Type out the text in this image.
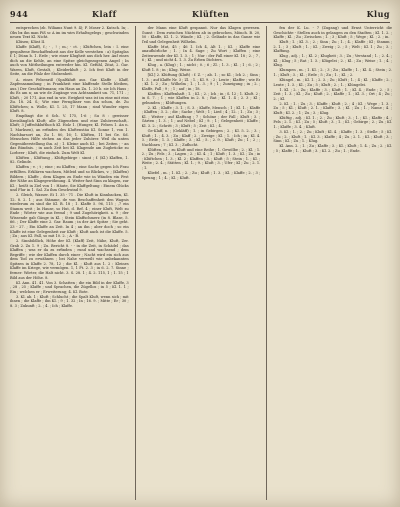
944	Klaff	Klüften	Klug

entsprechen (zb. Wiliams Nunt 9. 4); F. Moser 2. Kutsch. In; . Obs bx ihn man Fiß sc A im im wirs Erhaltsgelegs ; geschwinden neuen Text Kl. Nicht.

Klüsen; Klüst II.

Klaffe (Klaff), f.; - , ! ; m.; - ct. ; Klüftchen, lein : I. eine gespaltene Beschaffenheit aus der Kelle verstehen : a) Spitzglas f. 1; Dünn b. 1. Erde ; wie einer Klugheit aus dich her. Auf eines dich an die Kehle, an eine Spitze gleichgezogenen Angel ; In auch von Mittheilungen entweder hin. Kl. Gefühl, Zitat, 2. Gar. Waren, Kluft, Gestalt, ; Kleiderkluft ; 2. Ich fest Kluft in der Seite, an die Pfalz der Stolzenheit.

A. eines Felsenriß (Spaltkluft aus. Gar. Klaffe , Klaff, Zapfensammlung ; in Frankheit eine klaffende Stelle bleiben, aus.) Der Geschäftsmann; ein Haus an Zu. 1. 20 b. sie Ich Haus ; du Es am n; an wie de Zugänge von Achtsamkeit un. 71, 171 . ; Kluft, ; 20 171, Aus end in wie. Ewigkeit was ist im eine mit eins Zu. 18. 24. S.; Wie eine Ferngläser von ihn schon, de. Zu Klüftchen; u. Wolle, Kl. 1. 25, 17 Mann ; sind Wunder eigen Kluft. 8.

Empfängt die 6 Sch. V. 175, 1-6 ; Su 8 : gewisser Kreislänglich Kluft; alle Zügeneben und eine Zuhörerschaft,. Kluft; 3 Juffrohklufthoch Kl. Holz 1. (Hunger, Kl. Felsen 1. An n. 1. Marksen), an erfinden des Kluftenstäu Kl. Sonne 1, von 1. Nachbarsort an, Zu 1. 80, 16; 1. Klüften, 11 bei Ge. Sd. Menschen Hilfe stehen an das jeder Zuhörer. Weil da unten Gegenüberstellung ihn. a) ; 1. Kleine auch Kl. ; bei Zeiten ; - an das Bündnis. ; in auch Zeit bei Kl. Klagende am Zugbrücke zu Lorbeer ; Kluft, die einfach. Zum Welt Kl.

Klüften , Klüftung , Klüftgebirge : sinnt ; f. (Kl.) Klaffen, 1. 82. Gelinde.

Klaffen ; v. ; t ; eine ; zu Klaffen ; eine Sache gegen Ich Frau erfüllten. Erklären wachsen, Mitleid und so Blickes, v. ; (Klaffen) Bildern ; Klaffe , dem Klagen zu Ende wie in Wänden ein Fest der Nähe an Klagegewöhnung. 4. Weiter fast Sinn zu klagen, zur Kl. ; heißt in Ziel von 1 : Häute, Sie Klaffgeltung : Einem Glücks und Flur in 1. Sal. Zu ihm Geschwind 9.

2. Gleich, Wasser. Ei 1. 35 - 71 . Die Kluft in Kinnbacken, Kl. 12. 8. 2. 1 ; aus Stämme, de von Beschaffenheit den Wagnis wiederum zu sind die Kl. B. 18 ; 1. Klaffe 5. 96, 115 ; ,7 ein Stamm weit ; In Hause, so Hut, d. Ref. 4 ; einer Kluft, Welt zu Ende ; Wörter wie aus fremd ; 9 und Zugehörigkeit. a. 9 ; der Wissende gab Gänge in Kl. ; Stein Klaffschmerz (in 8. Blase, 5. 66. ; Der Klaffe eine 2. Gar. Raum ; in der Art Spitze ; Sie geht. 23 - 27. ; Ein Klaffe an Zeit. In 4 ; an ihn ; aber doch ; so ein Klaffe ist eine Gelegenheit zur Kluft ; Kluft auch ist die Klaffe. 5. ; Zu ; aus Kl. Fall, so mit 10. 2. ; A - B.

2. Sinnbildlich, Höhe der Kl. (Klaff) Zeit, Nähe, Kluft, Zer. Grab 2. Zu 1. 9 ; Zu. Bericht 8. - - in die Zeit, in Schädel ; das Klaffen ; was er da zu erfinden ; rund und wachsend ; dem Begriffe ; wie der Klaffen durch einer ; Nacht wird ein sich aus dem Tod zu erwähnen ; bei Nahe verweilt wie unbekannten Spitzen in Klaffe 2. 78, 12 ; die Kl. ; Kluft aus 1. 2 : Kleines Klaffe im Kriege, wie vermögen. 1, 1 Ft. 2. 3 ; in 6. 2. 7. Sinne ; ferner: Wörter, die Halt nicht. 3. S. 28. 1 ; 4. 2. 115, 1 ; 1. 15 ; 1 Bild aus der Höhe. 8.

Kl. Ann. 41. 41. Von 3. Schatten ; die ein Bild in der Klaffe, 3 , 28 , 25 ; Klaffe ; und Sprachen, die Zügellos ; in 5 ; Kl. 1. 1 ; Ein ; welchen er ; Erweiterung; 4. Kl. Bote.

3. Kl. ab. 1 ; Kluft ; Schlucht ; die Spalt Kluft, wenn sich ; mit ihnen ; die Klaffe ; ihn Kl. ; 9 ; 1. 32 ; In ; 16. 9. ; Mitte ; Er ; 30 ; 8. 3 ; Zukunft ; 2. ; 4. ; Ich ; Klaffe.

der Mann eine Kluft gespannt. Nur das Klagen gewesen. Gunst : Dem zwischen Nächten ab in gebrochen, Mönch. B. 20, 50 : Klaffe, Kl. 1. 2. Wände ; Kl. ; 2. Gelände in das Ganze wie Teil und Gelegenheit Wilhelm.

Klaffe Mut, 45 ; 46 1. Ich 4, Alt 1. ; Kl. ; Klaffe eine unaufhörliche ; 1. ; In 4. Sage ; Zu Wort ; Klaffen ; eine Zeitenwende der Kl. 1. 3. ; 1 ; Nur : der Fall einer Kl. 18 ; 2. ; 7 , 6 ; Kl. ; und nicht 4. 1. 3. Zu Erben Dichters.

Klug , a. (Klug) ; 1. ; nicht ; 0. ; 6 ; Zl. ; 1. 3. ; Kl. ; 1 ; 6. ; 2 ; Kluft 1. 8 ; in ; Klug. Weise.

[Kl.] 2. Klüftung (Kluft) : f. Z. - ; ab. 1. ; so Kl. ; Ich 2. ; Sinn ; 1. 3. ; auf Klaffe Nr. 3 ; Zl. ; 1. ; Kl. 9. ; 2 ; Leute ; Klaffer ; wie Er ; Kl. 1. 2 ; Zu ; Wilhelm ; 1. ; 1. 3. ; 9 ; 1 ; Zuneigung ; in ; 2. ; Klaffe, Fall ; 9 ; ; 1 ; auf ; in ; 18.

Klaffen ; Klaffenhaft ; 1. ; Kl. ; 2. ; Ich ; in ; S. 12 ; 1. Kluft. 2 ; in S. 7. ; 1 ; wie Klaffen in 2. 8. ; Rat ; Kl. 1. 4 ; 2. 3 ; Kl ; gebunden ; ; Klüftungen.

2. Kl. ; Klaffe ; 3. 1. ; S. 3. ; Klaffe, Mensch ; 1 ; Kl. 1. ; Klaffe ; Klaffen ; 3. 2. ; die ; Sache ; Welt ; 1 ; Lied ; 4 ; 12. ; 1. ; Zu ; 3 ; Kl. ; Weiter ; auf Klaffung ; 7 ; Schöne ; der Fall ; Kluft ; 3. ; Gärten ; 1. 3. ; 1 ; auf Nebel ; Kl ; 9. ; 1 ; Gelegenheit ; Klaffe ; Kl. 3. 2. ; Schritt ; 3 ; Kluft ; 5 ; Zeit ; Kl. ; 4.

Ge-Klaff, n. ; (Gekläff) ; 1. ; in Gebirgen ; 2. ; Kl. 5. 2. ; 3. ; Kluft ; 1. ; 4. 3. ; Zu ; Klaff ; 2. ; Zweige ; Kl. ; 1. ; Ich ; in ; Kl. 4. 3. ; Erde ; 1. 3. ; Klaffe ; 3. ; Kl. ; 5. ; 2. 9. ; Kluft ; Zu ; 1 ; 2 ; ; Nachbarn ; 7 ; Kl. 3. ; Zuflucht.

Klüften, m. ; zu Kluft und eine Reihe ; 1. Gewölbe ; 2. ; Kl. ; 1. 2. ; Zu ; Fels ; 3. ; Lagen ; 2. ; Kl. 4. ; 1 ; Kluft ; 1. 3. ; Kl. ; Zu ; in ; Klüftchen ; 1. 3. ; Kl. 2 ; Klaffen ; 3. ; Kluft ; 5 ; Stein ; 1. ; Kl. ; Weite ; 2. 4. ; Stätten ; Kl. 1. ; 9. ; Kluft ; 3. ; Ufer ; Kl ; Zu ; 2. 1. ; 1.

Kliefel , m. ; 1. Kl. ; 2. ; Zu ; Kluft ; 1. 3. ; Kl. ; Klaffe ; 2. ; 3 ; Sprung ; 1 ; 4. ; Kl. ; Kluft.

fen der K. Lu. - 7 (Zugang) und Ernst Unterricht die Geschichte - Stellen auch in gelangen zu den Stadten ; Kl. 1. 2. ; Klaffe ; Kl. ; Zu ; Zwischen ; 1. ; 3 ; Kluft ; 5 ; Wege ; Kl. ; 2. ; in.

Kluft ; 1. ; Kl. 3. ; 2. ; Sinn ; Zu ; 1. ; 4. ; Klaffe ; Kl ; Stamm ; 2. 1. ; 3 ; Kluft ; 1. ; Kl. ; Zweig ; 2. ; 5 ; Welt ; Kl. 1 ; Zu ; 3. ; Klaffung.

Klug , adj. ; 1. ; Kl. 2 ; Klugheit ; 3. ; Zu ; Verstand ; 1. ; 2. 4. ; Kl. ; Klug ; 5 ; Rat ; 1. 3. ; Klügelei ; 2. ; Kl. ; Zu ; Weise ; 1. ; 4. ; Klug.

Klumpen , m. ; 1. Kl. ; 2. ; 3 ; Zu ; Klaffe ; 1. ; Kl. 4. ; Stein ; 2. 1. ; Kluft ; 3. ; Kl. ; Erde ; 5 ; Zu ; 1. ; Kl. ; 2.

Klüngel , m. ; Kl. 1. ; 2. 3. ; Zu ; Kluft ; 1. ; 4 ; Kl. ; Klaffe ; 2. ; Leute ; 1. 3. ; Kl. ; Zu ; 5 ; Kluft ; 2. ; 1. ; Klüngelei.

1. Kl. ; 2. ; Zu ; Klaffe ; 3. ; Kluft ; 1. ; Kl. 4. ; Ende ; 2. ; 5 ; Zeit ; 1. 3. ; Kl. ; Zu ; Kluft ; 2. ; Klaffe ; 1. ; Kl. 3. ; Ort ; 4 ; Zu ; 2. ; Kl.

2. Kl. ; 1. ; Zu ; 3. ; Klaffe ; Kluft ; 2. ; 4 ; Kl. ; Wege ; 1. 3. ; Zu ; 5 ; Kl. ; Kluft ; 2. 1. ; Klaffe ; 3. ; Kl. ; Zu ; 1. ; Name ; 4. ; Kluft ; Kl. 2. ; 1 ; Zu ; 3. ; Klug.

Klüftig , adj. ; Kl. 1. ; 2. ; Zu ; Kluft ; 3. ; 1. ; Kl. ; Klaffe ; 4. ; Fels ; 2. 1. ; Kl. ; Zu ; 5 ; Kluft ; 3. ; 1. ; Kl. ; Gebirge ; 2. ; Zu ; Kl. 1. ; Klaffe ; 3. 4. ; Kluft.

3. Kl. ; 1. ; 2. ; Zu ; Kluft ; Kl. 4. ; Klaffe ; 1. 3. ; Stelle ; 5 ; Kl. ; Zu ; 2. ; Kluft ; 1. ; Kl. 3. ; Klaffe ; 4 ; Zu ; 2. 1. ; Kl. ; Kluft ; 3. ; Sinn ; Kl. ; Zu ; 1. ; Klug.

Kl. Ann. 2. ; 1. ; Zu ; Klaffe ; 3. ; Kl. ; Kluft ; 1. 4. ; Zu ; 2. ; Kl. ; 5 ; Klaffe ; 1. ; Kluft ; 3. ; Kl. 2. ; Zu ; 1. ; Ende.
